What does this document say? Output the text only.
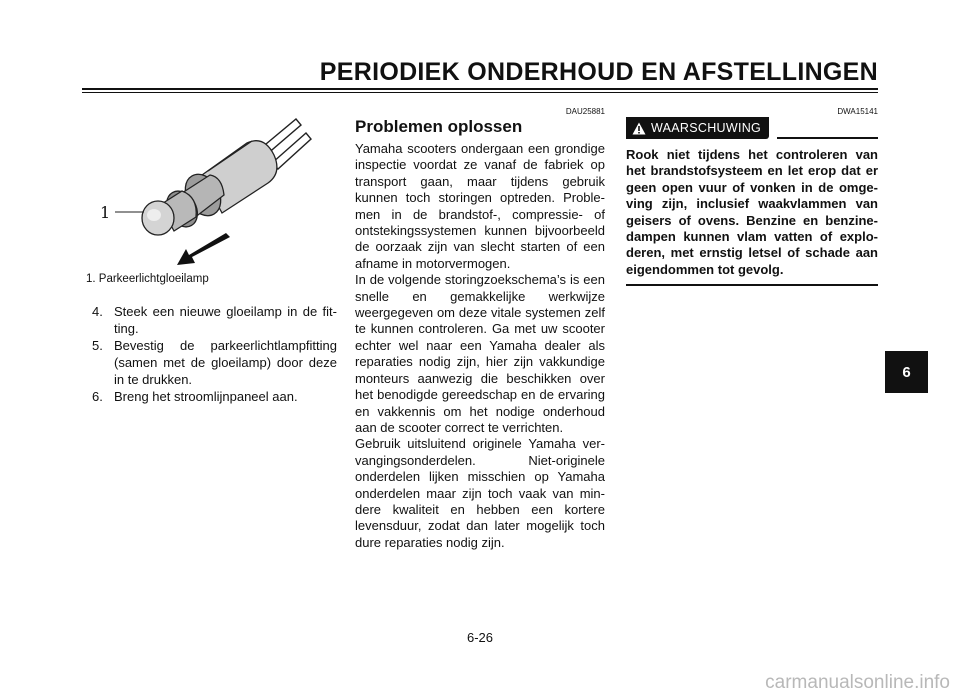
PERIODIEK ONDERHOUD EN AFSTELLINGEN
1
1. Parkeerlichtgloeilamp
4. Steek een nieuwe gloeilamp in de fitting.
5. Bevestig de parkeerlichtlampfitting (samen met de gloeilamp) door deze in te drukken.
6. Breng het stroomlijnpaneel aan.
DAU25881
Problemen oplossen

Yamaha scooters ondergaan een grondige inspectie voordat ze vanaf de fabriek op transport gaan, maar tijdens gebruik kunnen toch storingen optreden. Problemen in de brandstof-, compressie- of ontstekingssystemen kunnen bijvoorbeeld de oorzaak zijn van slecht starten of een afname in motorvermogen.

In de volgende storingzoekschema’s is een snelle en gemakkelijke werkwijze weergegeven om deze vitale systemen zelf te kunnen controleren. Ga met uw scooter echter wel naar een Yamaha dealer als reparaties nodig zijn, hier zijn vakkundige monteurs aanwezig die beschikken over het benodigde gereedschap en de ervaring en vakkennis om het nodige onderhoud aan de scooter correct te verrichten.

Gebruik uitsluitend originele Yamaha vervangingsonderdelen. Niet-originele onderdelen lijken misschien op Yamaha onderdelen maar zijn toch vaak van mindere kwaliteit en hebben een kortere levensduur, zodat dan later mogelijk toch dure reparaties nodig zijn.

DWA15141
WAARSCHUWING

Rook niet tijdens het controleren van het brandstofsysteem en let erop dat er geen open vuur of vonken in de omgeving zijn, inclusief waakvlammen van geisers of ovens. Benzine en benzinedampen kunnen vlam vatten of exploderen, met ernstig letsel of schade aan eigendommen tot gevolg.

6
6-26
carmanualsonline.info
